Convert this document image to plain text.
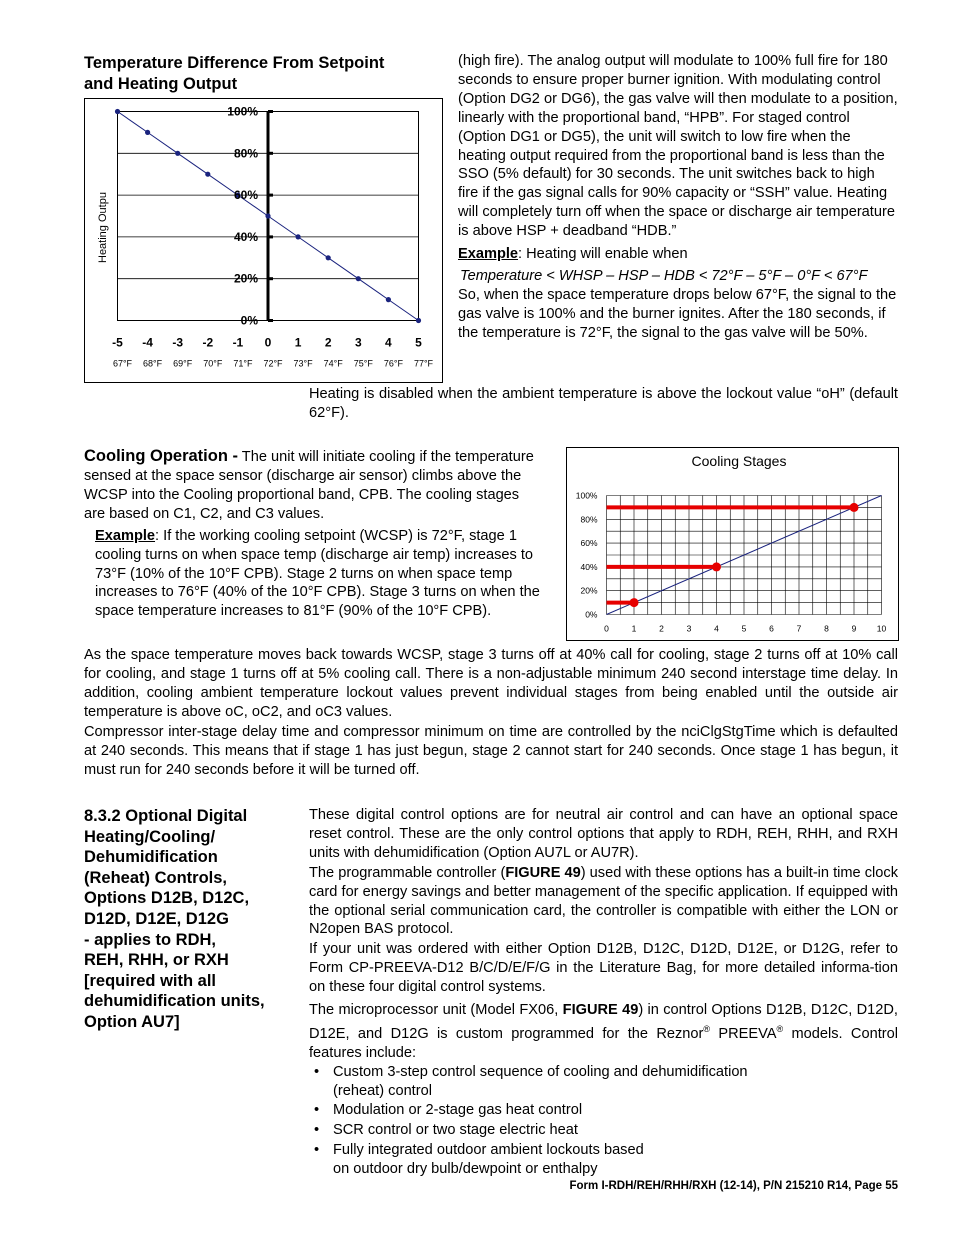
Temperature Difference From Setpoint
and Heating Output
0%
20%
40%
60%
80%
100%
-5 -4 -3 -2 -1 0 1 2 3 4 5
67°F 68°F 69°F 70°F 71°F 72°F 73°F 74°F 75°F 76°F 77°F
Heating Outpu
(high fire). The analog output will modulate to 100% full fire for 180 seconds to ensure proper burner ignition. With modulating control (Option DG2 or DG6), the gas valve will then modulate to a position, linearly with the proportional band, “HPB”. For staged control (Option DG1 or DG5), the unit will switch to low fire when the heating output required from the proportional band is less than the SSO (5% default) for 30 seconds. The unit switches back to high fire if the gas signal calls for 90% capacity or “SSH” value. Heating will completely turn off when the space or discharge air temperature is above HSP + deadband “HDB.”
Example: Heating will enable when
Temperature < WHSP – HSP – HDB < 72°F – 5°F – 0°F < 67°F
So, when the space temperature drops below 67°F, the signal to the gas valve is 100% and the burner ignites. After the 180 seconds, if the temperature is 72°F, the signal to the gas valve will be 50%.
Heating is disabled when the ambient temperature is above the lockout value “oH” (default 62°F).
Cooling Operation - The unit will initiate cooling if the temperature sensed at the space sensor (discharge air sensor) climbs above the WCSP into the Cooling proportional band, CPB. The cooling stages are based on C1, C2, and C3 values.
Example: If the working cooling setpoint (WCSP) is 72°F, stage 1 cooling turns on when space temp (discharge air temp) increases to 73°F (10% of the 10°F CPB). Stage 2 turns on when space temp increases to 76°F (40% of the 10°F CPB). Stage 3 turns on when the space temperature increases to 81°F (90% of the 10°F CPB).
Cooling Stages
0%
20%
40%
60%
80%
100%
0	1	2	3	4	5	6	7	8	9 10
As the space temperature moves back towards WCSP, stage 3 turns off at 40% call for cooling, stage 2 turns off at 10% call for cooling, and stage 1 turns off at 5% cooling call. There is a non-adjustable minimum 240 second interstage time delay. In addition, cooling ambient temperature lockout values prevent individual stages from being enabled until the outside air temperature is above oC, oC2, and oC3 values.
Compressor inter-stage delay time and compressor minimum on time are controlled by the nciClgStgTime which is defaulted at 240 seconds. This means that if stage 1 has just begun, stage 2 cannot start for 240 seconds. Once stage 1 has begun, it must run for 240 seconds before it will be turned off.
8.3.2 Optional Digital
Heating/Cooling/
Dehumidification
(Reheat) Controls,
Options D12B, D12C,
D12D, D12E, D12G
- applies to RDH,
REH, RHH, or RXH
[required with all
dehumidification units,
Option AU7]
These digital control options are for neutral air control and can have an optional space reset control. These are the only control options that apply to RDH, REH, RHH, and RXH units with dehumidification (Option AU7L or AU7R).
The programmable controller (FIGURE 49) used with these options has a built-in time clock card for energy savings and better management of the specific application. If equipped with the optional serial communication card, the controller is compatible with either the LON or N2open BAS protocol.
If your unit was ordered with either Option D12B, D12C, D12D, D12E, or D12G, refer to Form CP-PREEVA-D12 B/C/D/E/F/G in the Literature Bag, for more detailed informa-tion on these four digital control systems.
The microprocessor unit (Model FX06, FIGURE 49) in control Options D12B, D12C, D12D, D12E, and D12G is custom programmed for the Reznor® PREEVA® models. Control features include:
• Custom 3-step control sequence of cooling and dehumidification
(reheat) control
• Modulation or 2-stage gas heat control
• SCR control or two stage electric heat
• Fully integrated outdoor ambient lockouts based
on outdoor dry bulb/dewpoint or enthalpy
Form I-RDH/REH/RHH/RXH (12-14), P/N 215210 R14, Page 55
